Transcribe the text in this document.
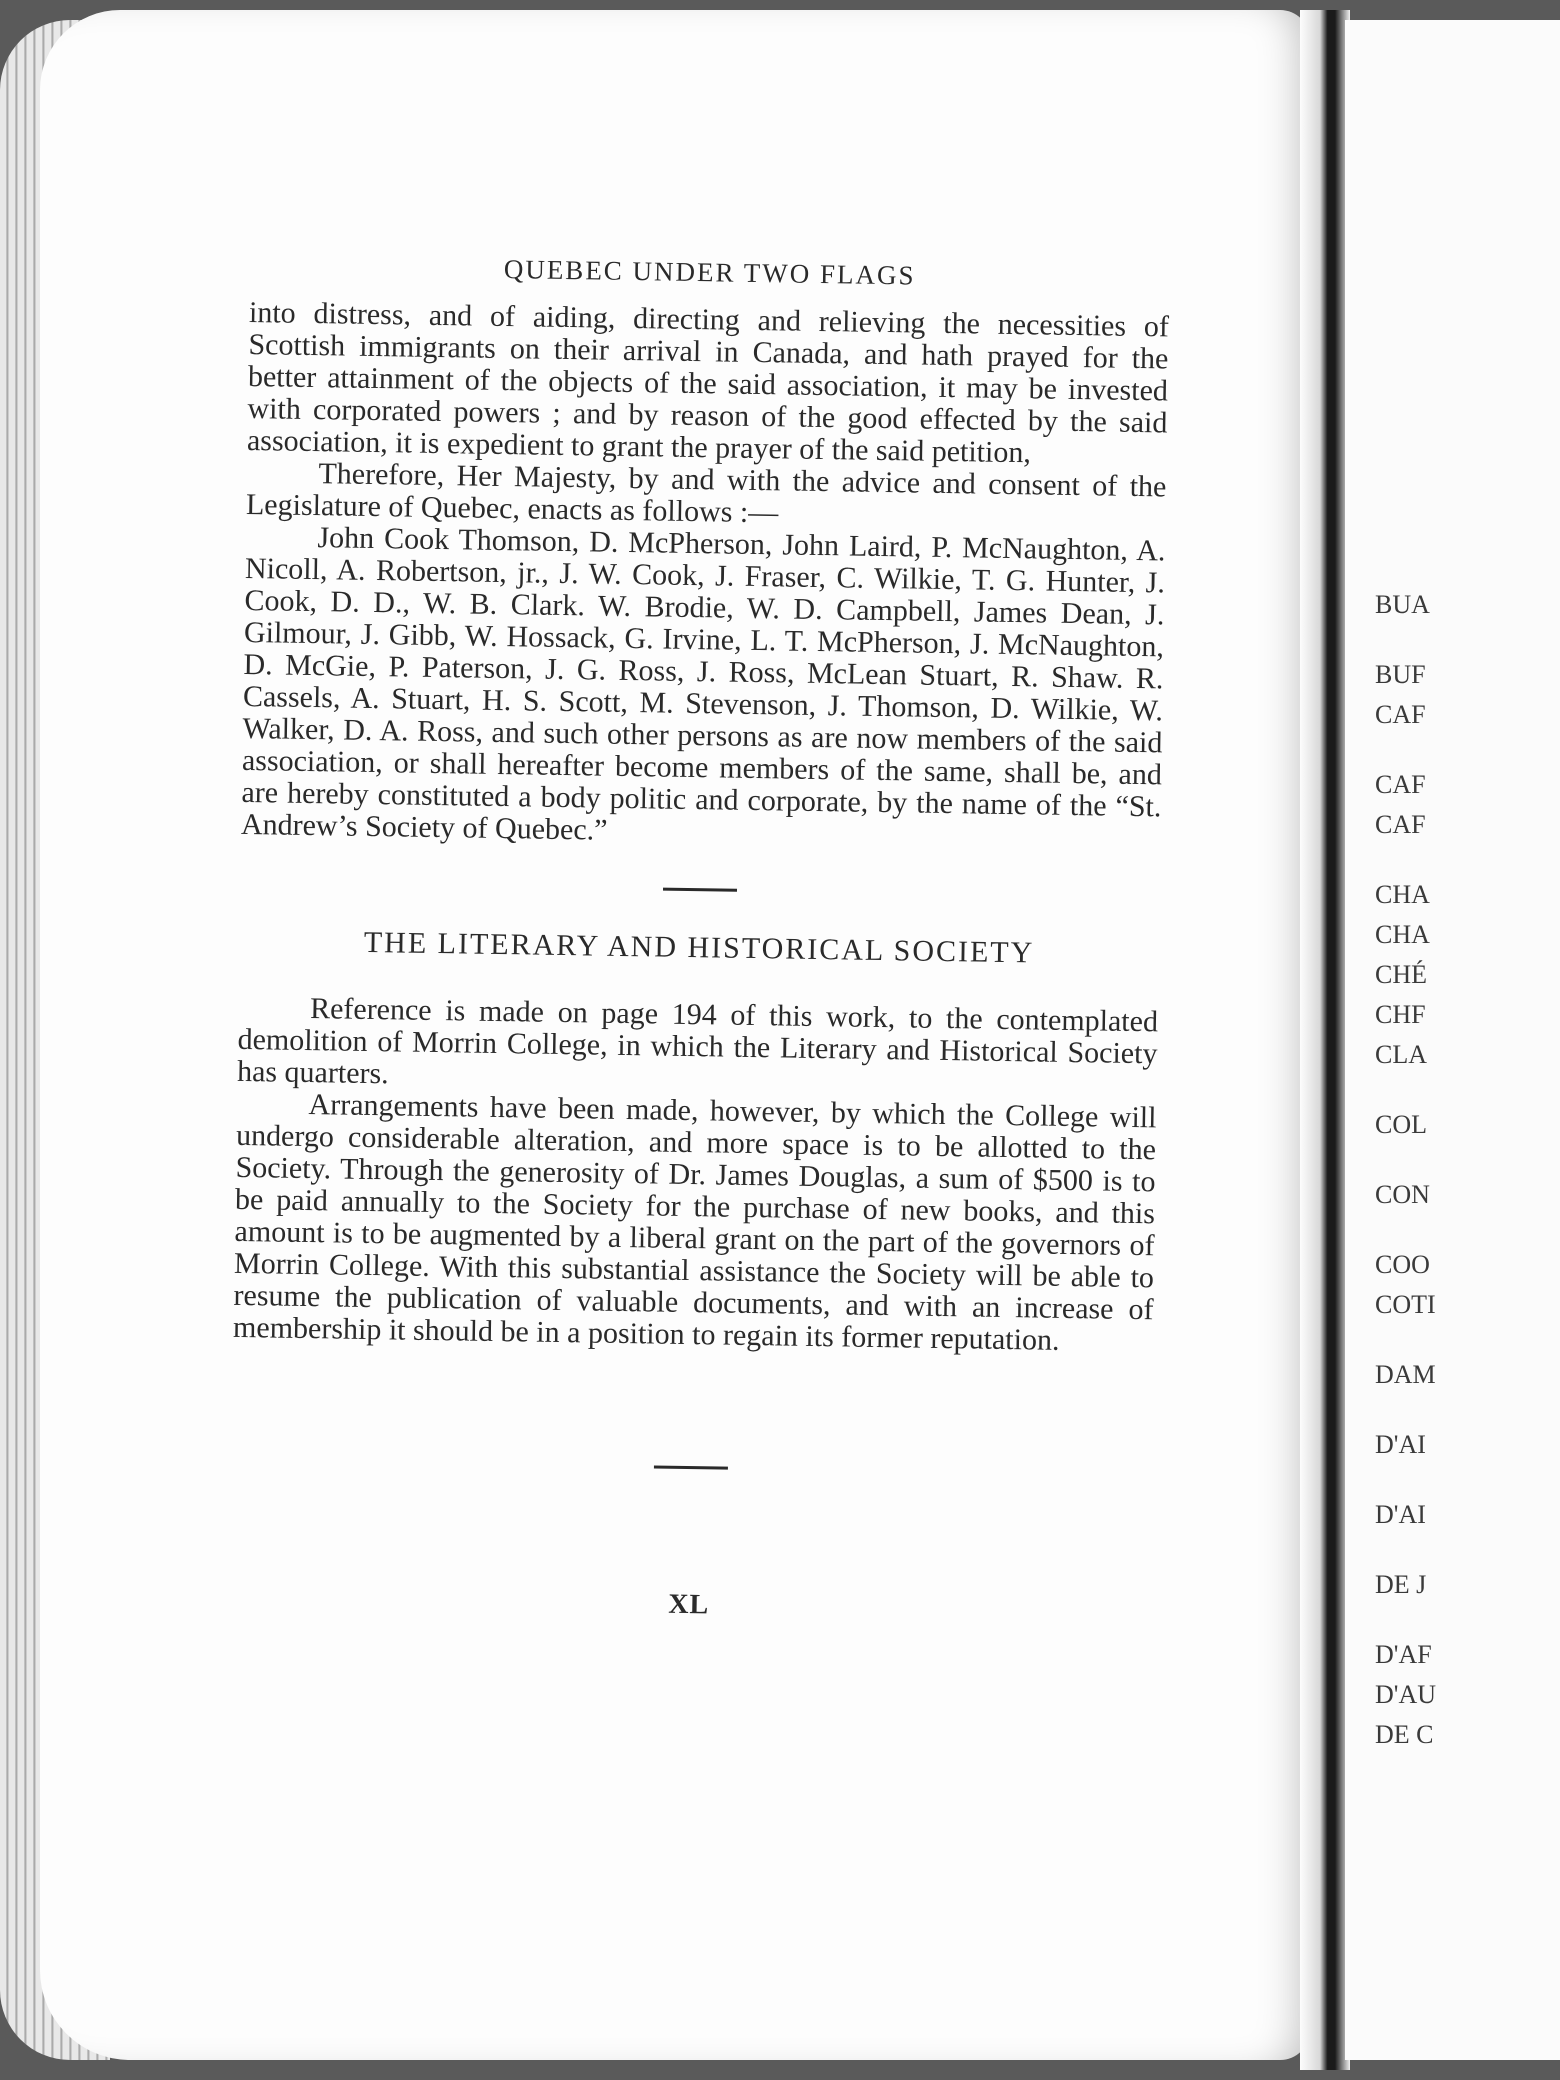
QUEBEC UNDER TWO FLAGS

into distress, and of aiding, directing and relieving the necessities of Scottish immigrants on their arrival in Canada, and hath prayed for the better attainment of the objects of the said association, it may be invested with corporated powers ; and by reason of the good effected by the said association, it is expedient to grant the prayer of the said petition,

Therefore, Her Majesty, by and with the advice and consent of the Legislature of Quebec, enacts as follows :—

John Cook Thomson, D. McPherson, John Laird, P. McNaughton, A. Nicoll, A. Robertson, jr., J. W. Cook, J. Fraser, C. Wilkie, T. G. Hunter, J. Cook, D. D., W. B. Clark. W. Brodie, W. D. Campbell, James Dean, J. Gilmour, J. Gibb, W. Hossack, G. Irvine, L. T. McPherson, J. McNaughton, D. McGie, P. Paterson, J. G. Ross, J. Ross, McLean Stuart, R. Shaw. R. Cassels, A. Stuart, H. S. Scott, M. Stevenson, J. Thomson, D. Wilkie, W. Walker, D. A. Ross, and such other persons as are now members of the said association, or shall hereafter become members of the same, shall be, and are hereby constituted a body politic and corporate, by the name of the “St. Andrew’s Society of Quebec.”

THE LITERARY AND HISTORICAL SOCIETY

Reference is made on page 194 of this work, to the contemplated demolition of Morrin College, in which the Literary and Historical Society has quarters.

Arrangements have been made, however, by which the College will undergo considerable alteration, and more space is to be allotted to the Society. Through the generosity of Dr. James Douglas, a sum of $500 is to be paid annually to the Society for the purchase of new books, and this amount is to be augmented by a liberal grant on the part of the governors of Morrin College. With this substantial assistance the Society will be able to resume the publication of valuable documents, and with an increase of membership it should be in a position to regain its former reputation.

XL
BUA
BUF
CAF
CAF
CAF
CHA
CHA
CHÉ
CHF
CLA
COL
CON
COO
COTI
DAM
D'AI
D'AI
DE J
D'AF
D'AU
DE C
